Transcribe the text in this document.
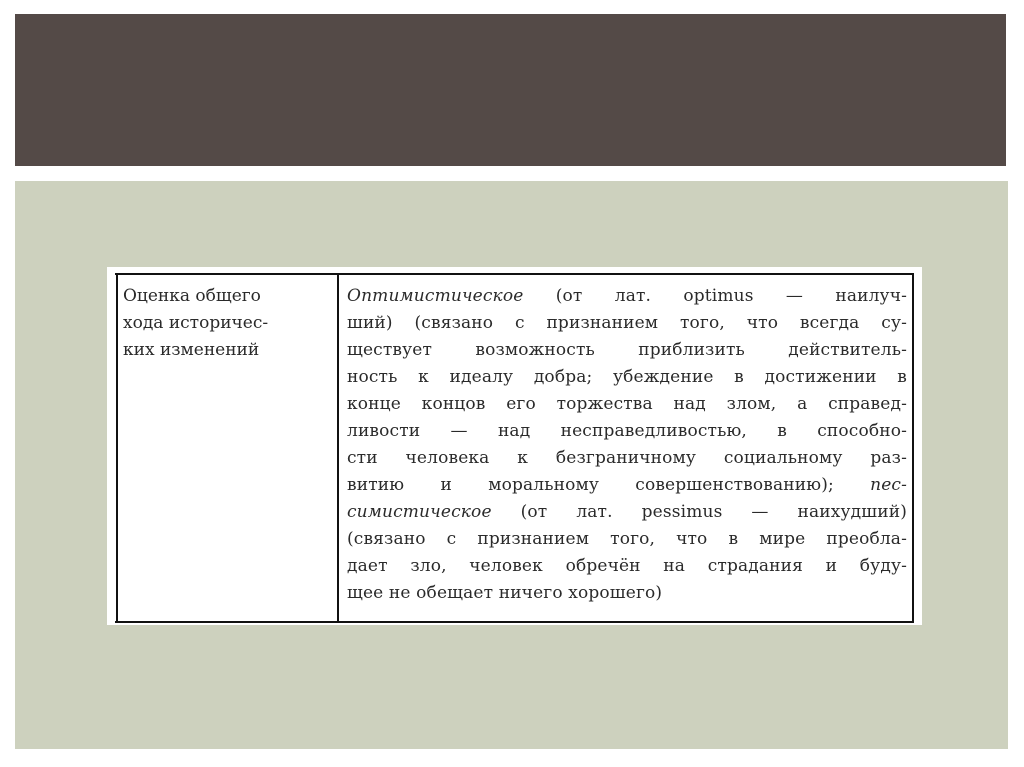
Оценка общего
хода историчес-
ких изменений
Оптимистическое (от лат. optimus — наилуч-
ший) (связано с признанием того, что всегда су-
ществует возможность приблизить действитель-
ность к идеалу добра; убеждение в достижении в
конце концов его торжества над злом, а справед-
ливости — над несправедливостью, в способно-
сти человека к безграничному социальному раз-
витию и моральному совершенствованию); пес-
симистическое (от лат. pessimus — наихудший)
(связано с признанием того, что в мире преобла-
дает зло, человек обречён на страдания и буду-
щее не обещает ничего хорошего)
